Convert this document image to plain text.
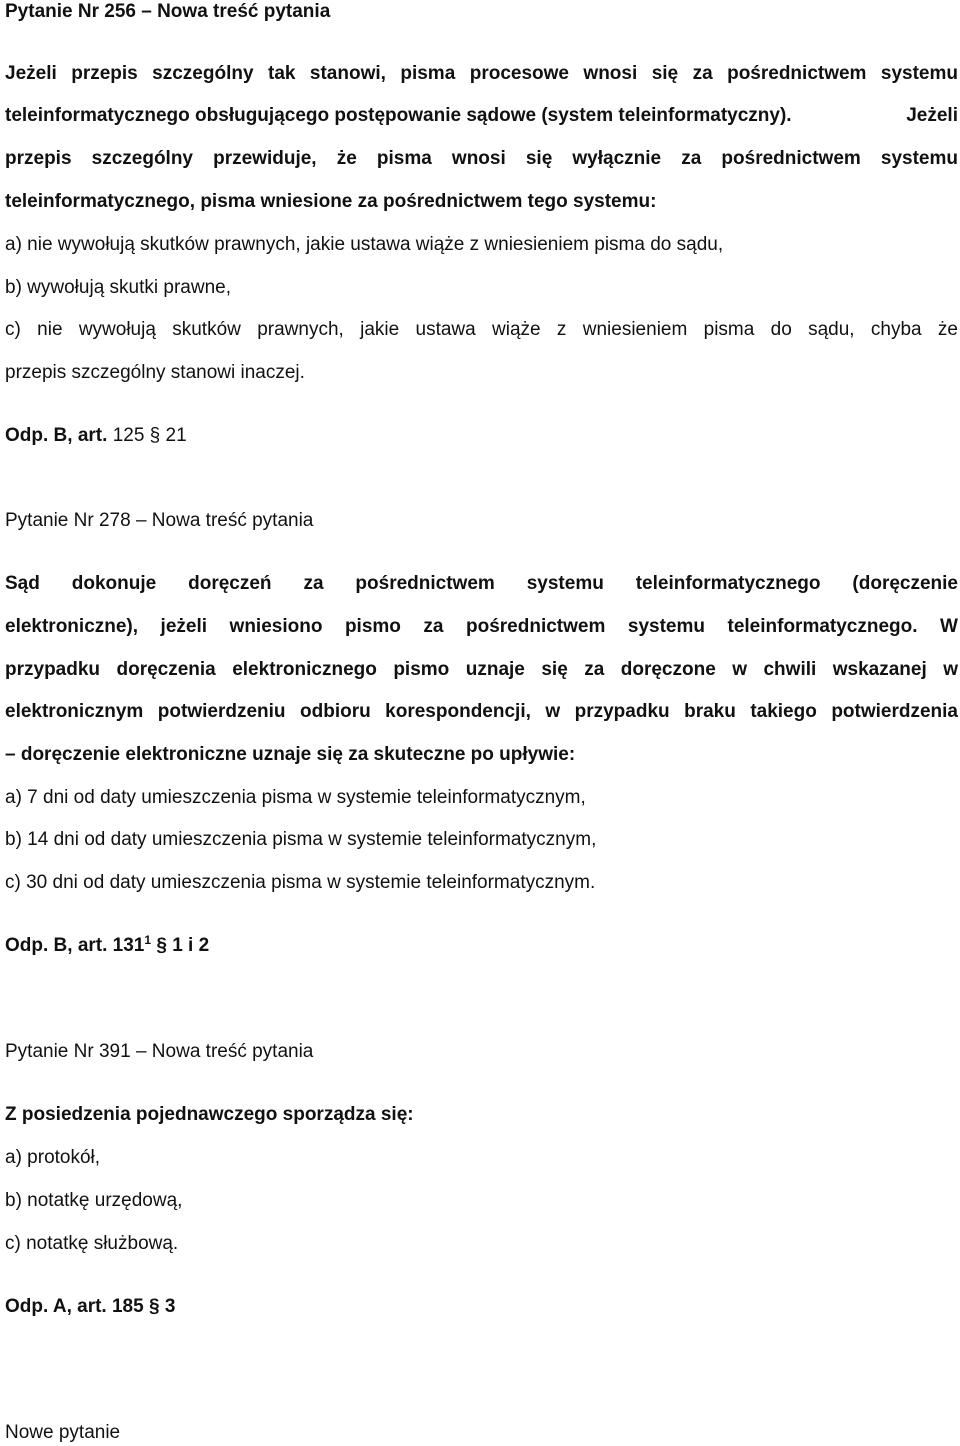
Pytanie Nr 256 – Nowa treść pytania
Jeżeli przepis szczególny tak stanowi, pisma procesowe wnosi się za pośrednictwem systemu
teleinformatycznego obsługującego postępowanie sądowe (system teleinformatyczny).	Jeżeli
przepis szczególny przewiduje, że pisma wnosi się wyłącznie za pośrednictwem systemu
teleinformatycznego, pisma wniesione za pośrednictwem tego systemu:
a) nie wywołują skutków prawnych, jakie ustawa wiąże z wniesieniem pisma do sądu,
b) wywołują skutki prawne,
c) nie wywołują skutków prawnych, jakie ustawa wiąże z wniesieniem pisma do sądu, chyba że
przepis szczególny stanowi inaczej.
Odp. B, art. 125 § 21
Pytanie Nr 278 – Nowa treść pytania
Sąd dokonuje doręczeń za pośrednictwem systemu teleinformatycznego (doręczenie
elektroniczne), jeżeli wniesiono pismo za pośrednictwem systemu teleinformatycznego. W
przypadku doręczenia elektronicznego pismo uznaje się za doręczone w chwili wskazanej w
elektronicznym potwierdzeniu odbioru korespondencji, w przypadku braku takiego potwierdzenia
– doręczenie elektroniczne uznaje się za skuteczne po upływie:
a) 7 dni od daty umieszczenia pisma w systemie teleinformatycznym,
b) 14 dni od daty umieszczenia pisma w systemie teleinformatycznym,
c) 30 dni od daty umieszczenia pisma w systemie teleinformatycznym.
Odp. B, art. $131^1$ § 1 i 2
Pytanie Nr 391 – Nowa treść pytania
Z posiedzenia pojednawczego sporządza się:
a) protokół,
b) notatkę urzędową,
c) notatkę służbową.
Odp. A, art. 185 § 3
Nowe pytanie
